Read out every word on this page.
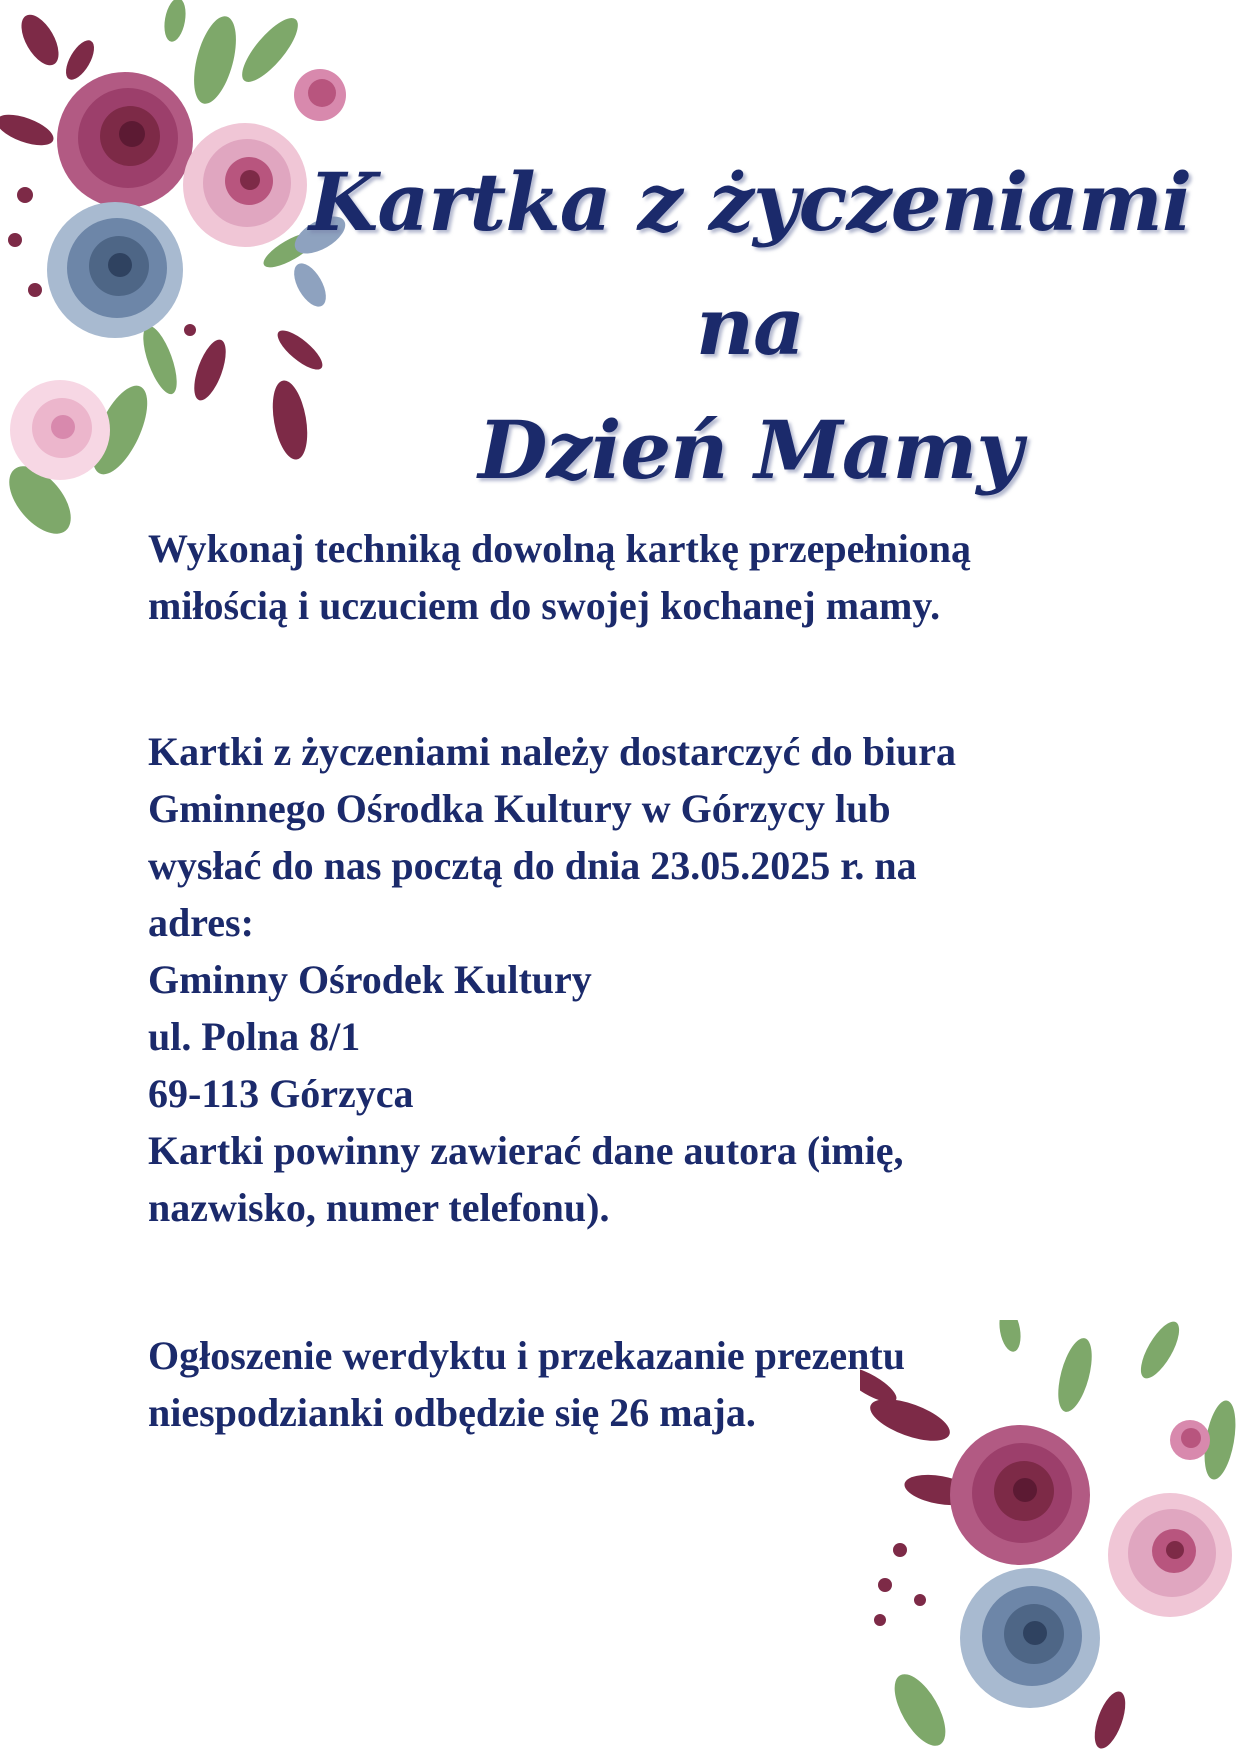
Kartka z życzeniami na
Dzień Mamy

Wykonaj techniką dowolną kartkę przepełnioną

miłością i uczuciem do swojej kochanej mamy.

Kartki z życzeniami należy dostarczyć do biura

Gminnego Ośrodka Kultury w Górzycy lub

wysłać do nas pocztą do dnia 23.05.2025 r. na

adres:

Gminny Ośrodek Kultury

ul. Polna 8/1

69-113 Górzyca

Kartki powinny zawierać dane autora (imię,

nazwisko, numer telefonu).

Ogłoszenie werdyktu i przekazanie prezentu

niespodzianki odbędzie się 26 maja.
